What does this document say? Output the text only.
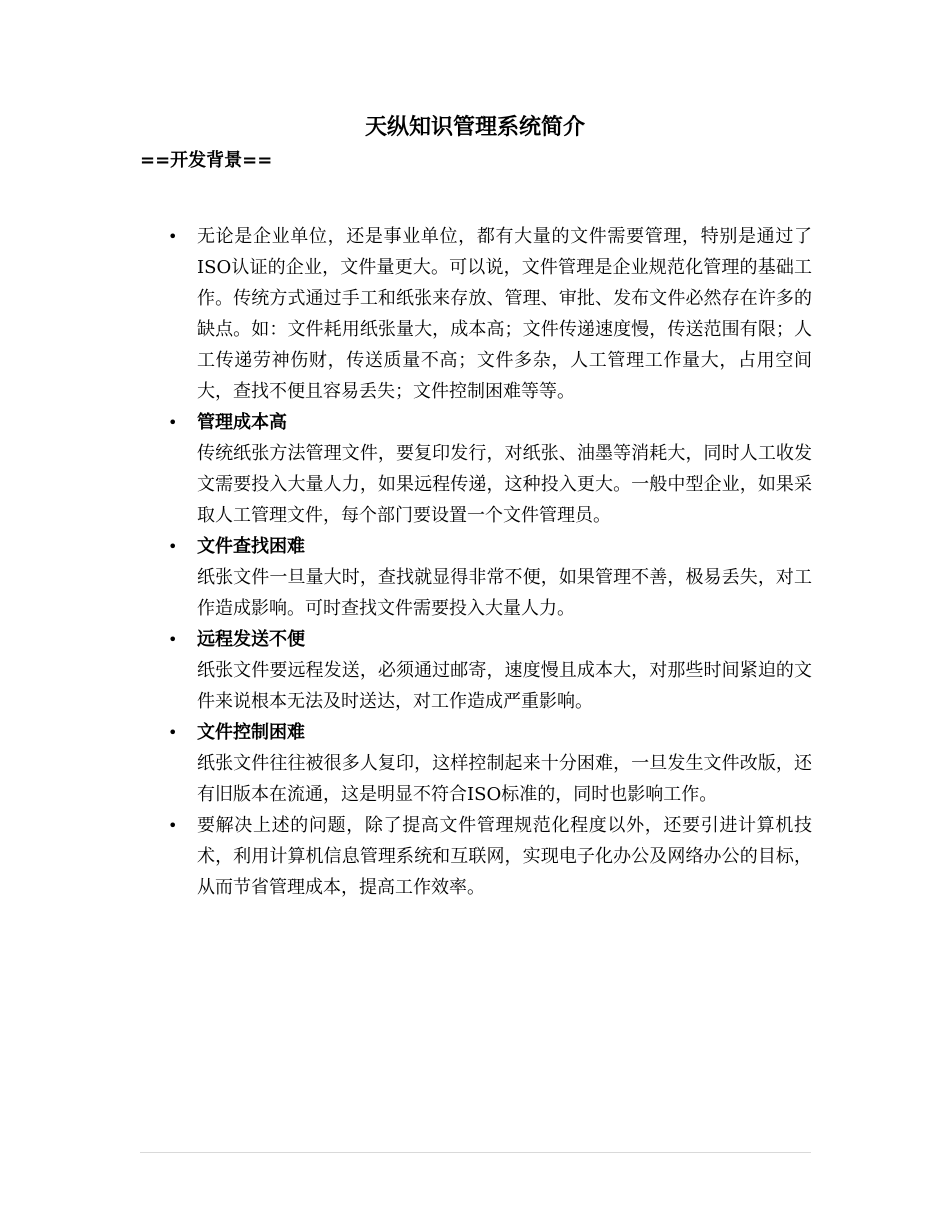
天纵知识管理系统简介
==开发背景==
• 无论是企业单位，还是事业单位，都有大量的文件需要管理，特别是通过了ISO认证的企业，文件量更大。可以说，文件管理是企业规范化管理的基础工作。传统方式通过手工和纸张来存放、管理、审批、发布文件必然存在许多的缺点。如：文件耗用纸张量大，成本高；文件传递速度慢，传送范围有限；人工传递劳神伤财，传送质量不高；文件多杂，人工管理工作量大，占用空间大，查找不便且容易丢失；文件控制困难等等。
• 管理成本高
传统纸张方法管理文件，要复印发行，对纸张、油墨等消耗大，同时人工收发文需要投入大量人力，如果远程传递，这种投入更大。一般中型企业，如果采取人工管理文件，每个部门要设置一个文件管理员。
• 文件查找困难
纸张文件一旦量大时，查找就显得非常不便，如果管理不善，极易丢失，对工作造成影响。可时查找文件需要投入大量人力。
• 远程发送不便
纸张文件要远程发送，必须通过邮寄，速度慢且成本大，对那些时间紧迫的文件来说根本无法及时送达，对工作造成严重影响。
• 文件控制困难
纸张文件往往被很多人复印，这样控制起来十分困难，一旦发生文件改版，还有旧版本在流通，这是明显不符合ISO标准的，同时也影响工作。
• 要解决上述的问题，除了提高文件管理规范化程度以外，还要引进计算机技术，利用计算机信息管理系统和互联网，实现电子化办公及网络办公的目标，从而节省管理成本，提高工作效率。
